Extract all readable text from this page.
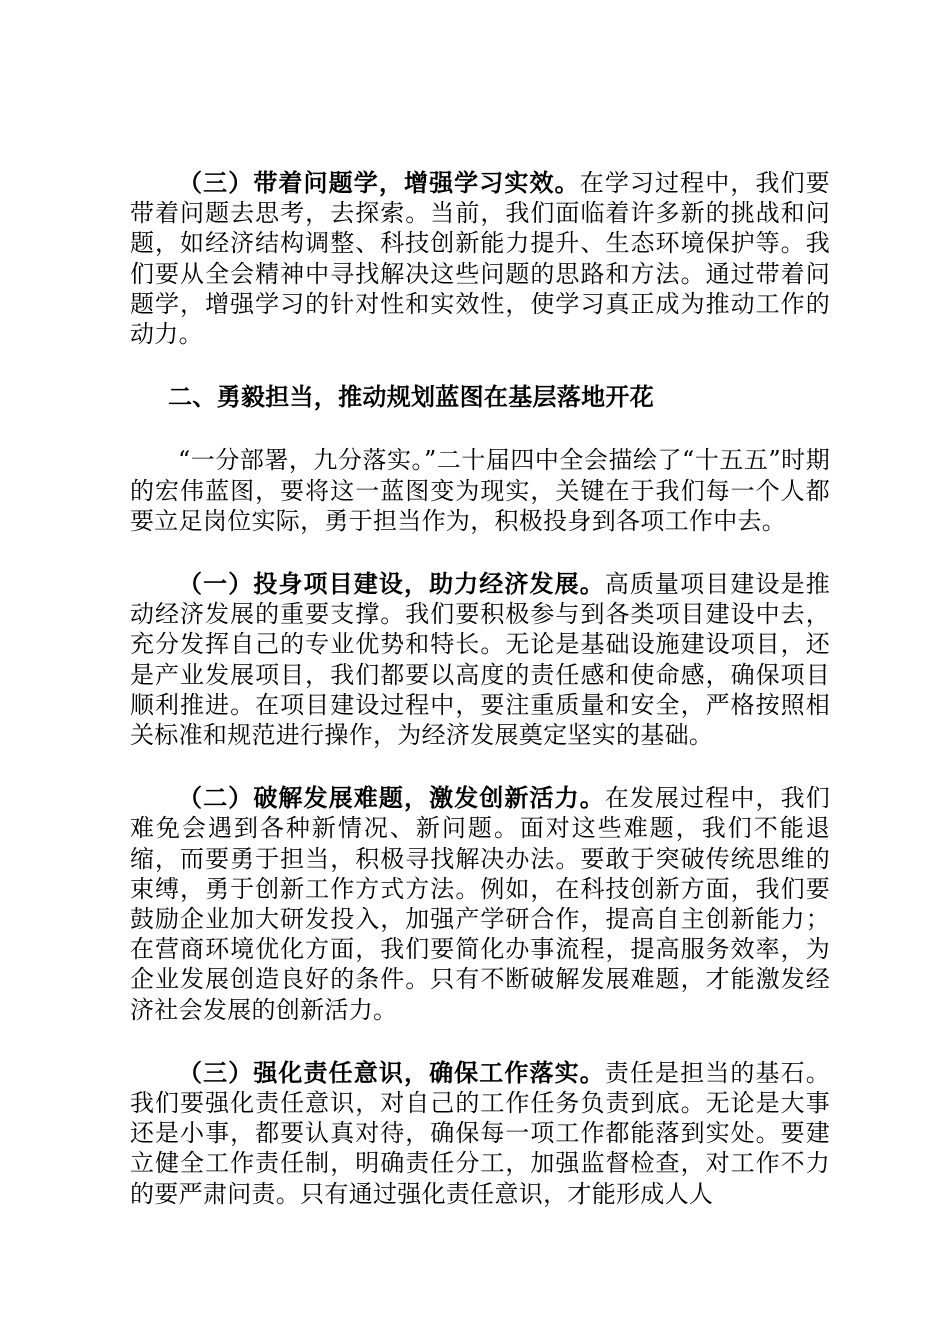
（三）带着问题学，增强学习实效。在学习过程中，我们要带着问题去思考，去探索。当前，我们面临着许多新的挑战和问题，如经济结构调整、科技创新能力提升、生态环境保护等。我们要从全会精神中寻找解决这些问题的思路和方法。通过带着问题学，增强学习的针对性和实效性，使学习真正成为推动工作的动力。

二、勇毅担当，推动规划蓝图在基层落地开花

“一分部署，九分落实。”二十届四中全会描绘了“十五五”时期的宏伟蓝图，要将这一蓝图变为现实，关键在于我们每一个人都要立足岗位实际，勇于担当作为，积极投身到各项工作中去。

（一）投身项目建设，助力经济发展。高质量项目建设是推动经济发展的重要支撑。我们要积极参与到各类项目建设中去，充分发挥自己的专业优势和特长。无论是基础设施建设项目，还是产业发展项目，我们都要以高度的责任感和使命感，确保项目顺利推进。在项目建设过程中，要注重质量和安全，严格按照相关标准和规范进行操作，为经济发展奠定坚实的基础。

（二）破解发展难题，激发创新活力。在发展过程中，我们难免会遇到各种新情况、新问题。面对这些难题，我们不能退缩，而要勇于担当，积极寻找解决办法。要敢于突破传统思维的束缚，勇于创新工作方式方法。例如，在科技创新方面，我们要鼓励企业加大研发投入，加强产学研合作，提高自主创新能力；在营商环境优化方面，我们要简化办事流程，提高服务效率，为企业发展创造良好的条件。只有不断破解发展难题，才能激发经济社会发展的创新活力。

（三）强化责任意识，确保工作落实。责任是担当的基石。我们要强化责任意识，对自己的工作任务负责到底。无论是大事还是小事，都要认真对待，确保每一项工作都能落到实处。要建立健全工作责任制，明确责任分工，加强监督检查，对工作不力的要严肃问责。只有通过强化责任意识，才能形成人人
